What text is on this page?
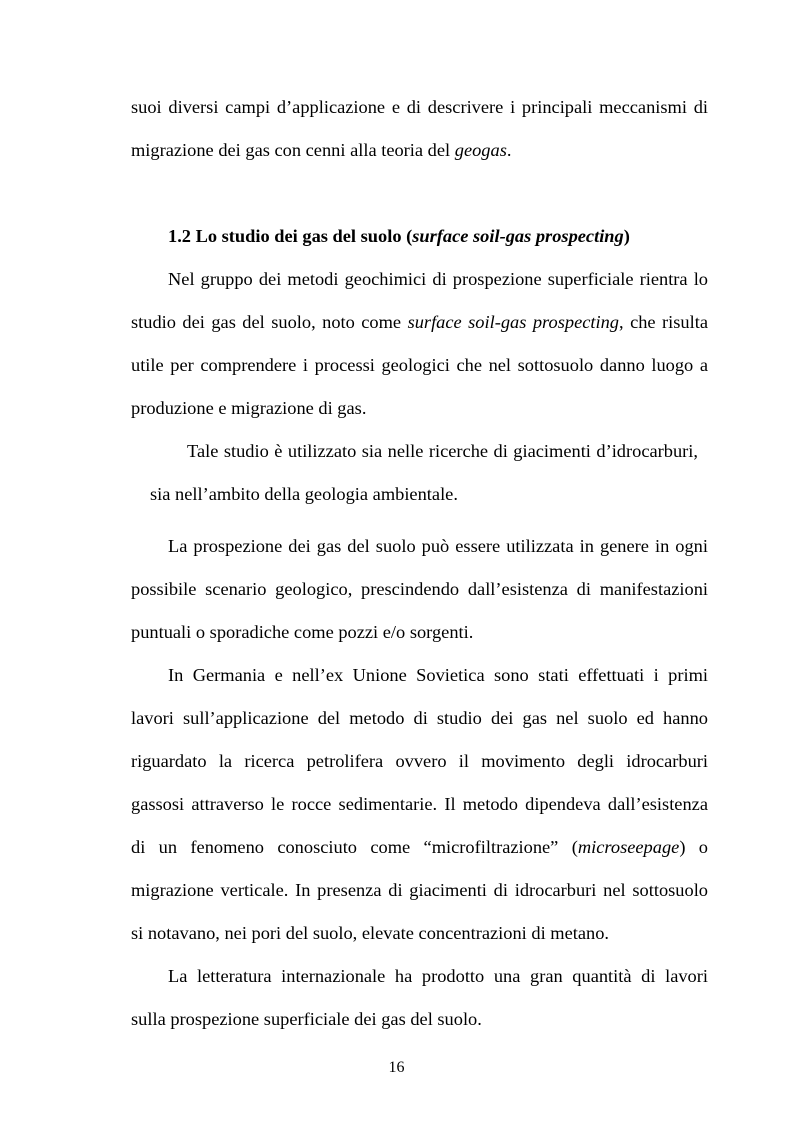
suoi diversi campi d’applicazione e di descrivere i principali meccanismi di
migrazione dei gas con cenni alla teoria del geogas.
1.2 Lo studio dei gas del suolo (surface soil-gas prospecting)
Nel gruppo dei metodi geochimici di prospezione superficiale rientra lo
studio dei gas del suolo, noto come surface soil-gas prospecting, che risulta
utile per comprendere i processi geologici che nel sottosuolo danno luogo a
produzione e migrazione di gas.
Tale studio è utilizzato sia nelle ricerche di giacimenti d’idrocarburi,
sia nell’ambito della geologia ambientale.
La prospezione dei gas del suolo può essere utilizzata in genere in ogni
possibile scenario geologico, prescindendo dall’esistenza di manifestazioni
puntuali o sporadiche come pozzi e/o sorgenti.
In Germania e nell’ex Unione Sovietica sono stati effettuati i primi
lavori sull’applicazione del metodo di studio dei gas nel suolo ed hanno
riguardato la ricerca petrolifera ovvero il movimento degli idrocarburi
gassosi attraverso le rocce sedimentarie. Il metodo dipendeva dall’esistenza
di un fenomeno conosciuto come “microfiltrazione” (microseepage) o
migrazione verticale. In presenza di giacimenti di idrocarburi nel sottosuolo
si notavano, nei pori del suolo, elevate concentrazioni di metano.
La letteratura internazionale ha prodotto una gran quantità di lavori
sulla prospezione superficiale dei gas del suolo.
16
